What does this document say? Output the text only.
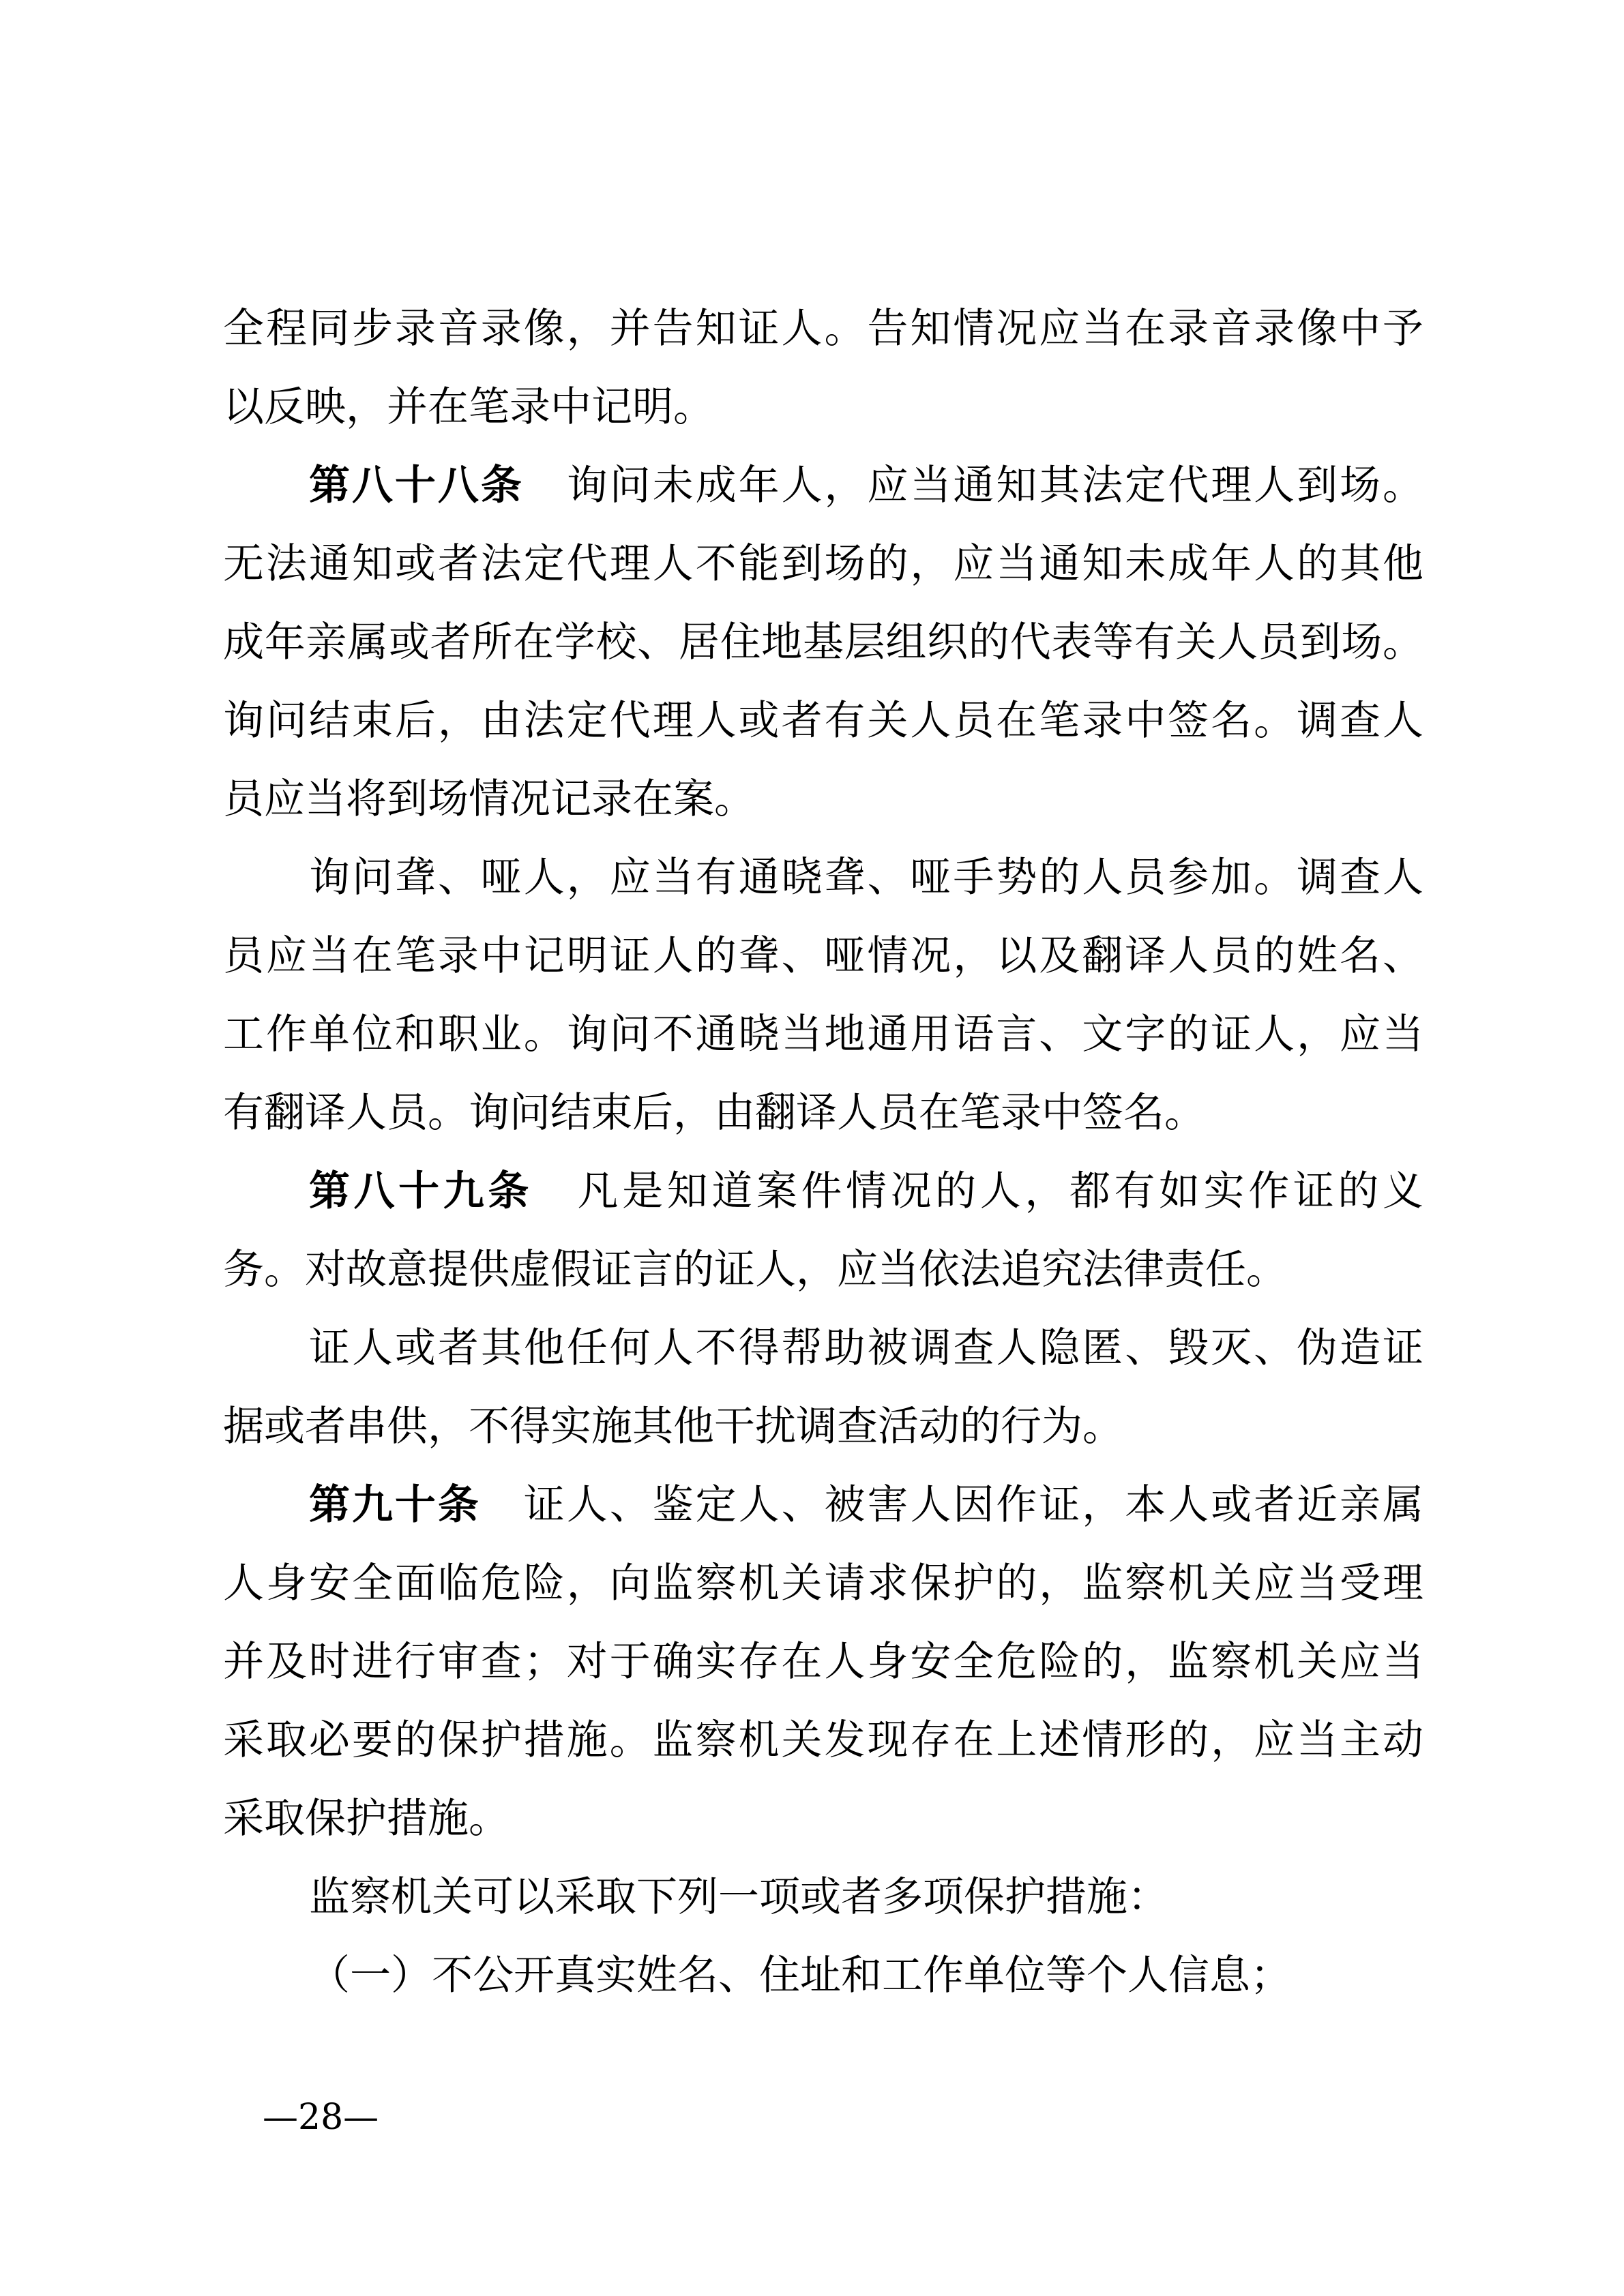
全程同步录音录像，并告知证人。告知情况应当在录音录像中予
以反映，并在笔录中记明。
第八十八条 询问未成年人，应当通知其法定代理人到场。
无法通知或者法定代理人不能到场的，应当通知未成年人的其他
成年亲属或者所在学校、居住地基层组织的代表等有关人员到场。
询问结束后，由法定代理人或者有关人员在笔录中签名。调查人
员应当将到场情况记录在案。
询问聋、哑人，应当有通晓聋、哑手势的人员参加。调查人
员应当在笔录中记明证人的聋、哑情况，以及翻译人员的姓名、
工作单位和职业。询问不通晓当地通用语言、文字的证人，应当
有翻译人员。询问结束后，由翻译人员在笔录中签名。
第八十九条 凡是知道案件情况的人，都有如实作证的义
务。对故意提供虚假证言的证人，应当依法追究法律责任。
证人或者其他任何人不得帮助被调查人隐匿、毁灭、伪造证
据或者串供，不得实施其他干扰调查活动的行为。
第九十条 证人、鉴定人、被害人因作证，本人或者近亲属
人身安全面临危险，向监察机关请求保护的，监察机关应当受理
并及时进行审查；对于确实存在人身安全危险的，监察机关应当
采取必要的保护措施。监察机关发现存在上述情形的，应当主动
采取保护措施。
监察机关可以采取下列一项或者多项保护措施：
（一）不公开真实姓名、住址和工作单位等个人信息；
—28—
